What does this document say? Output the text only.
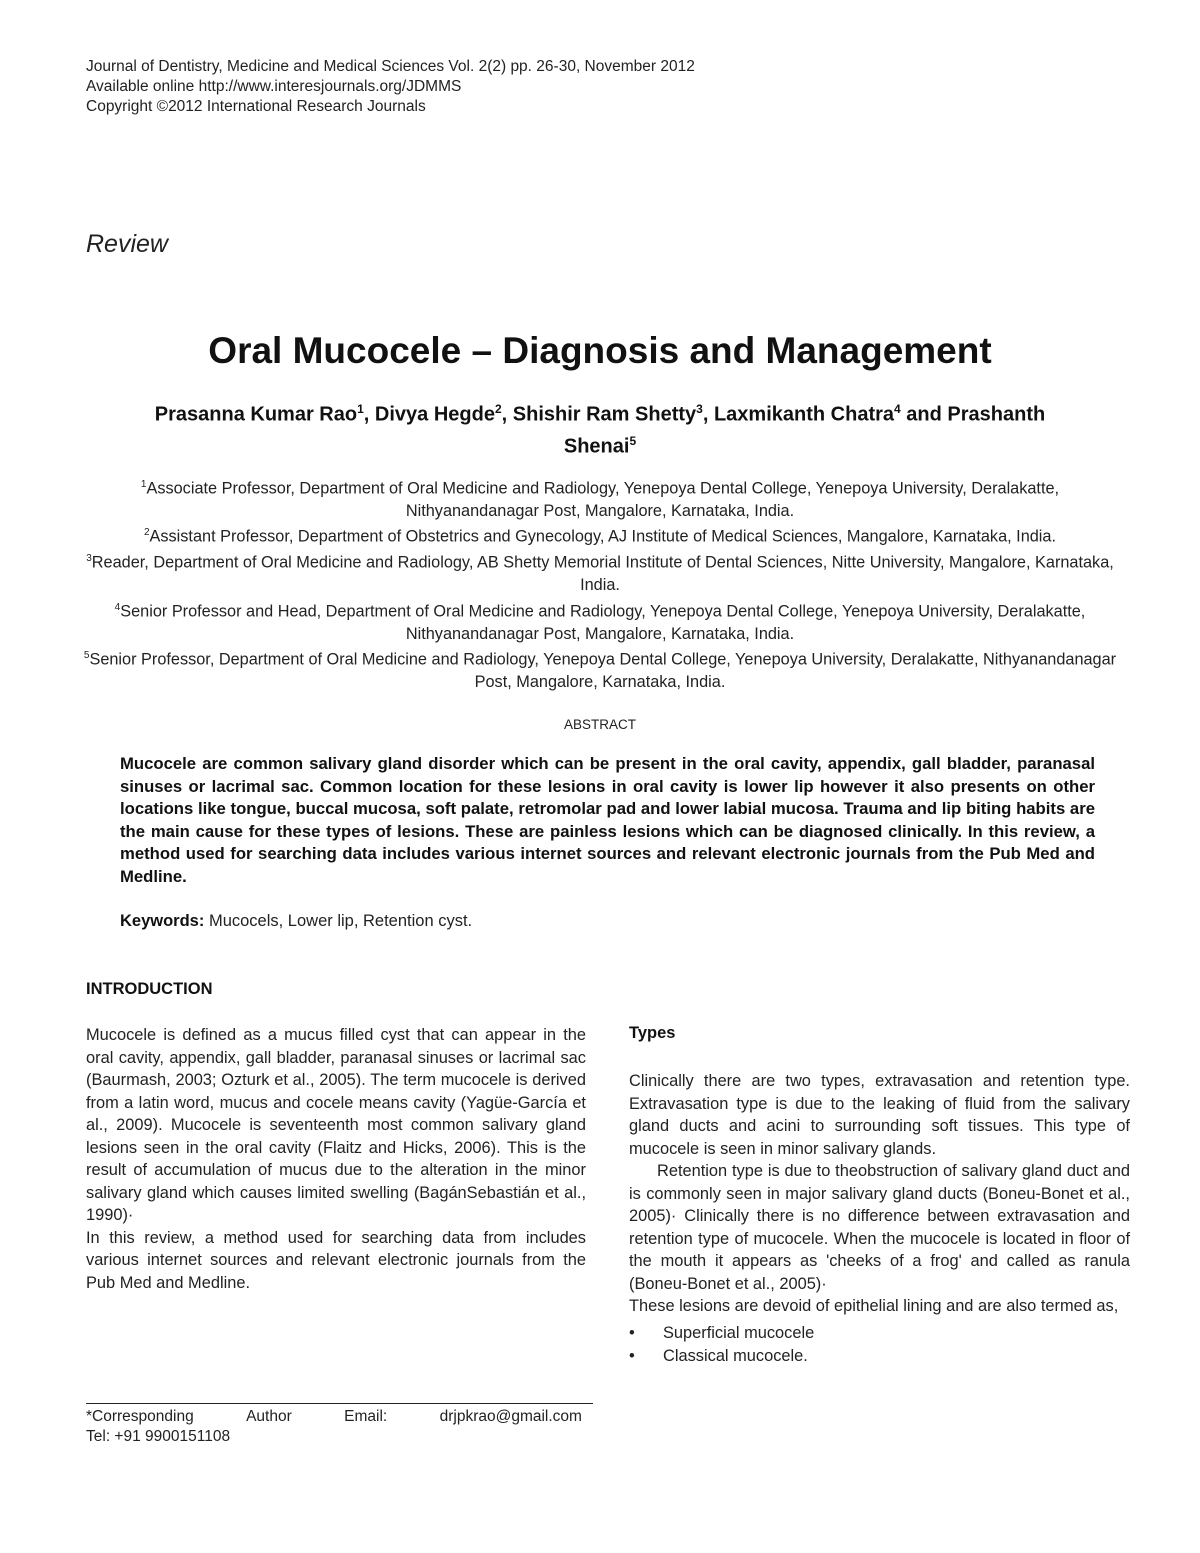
Journal of Dentistry, Medicine and Medical Sciences Vol. 2(2) pp. 26-30, November 2012
Available online http://www.interesjournals.org/JDMMS
Copyright ©2012 International Research Journals
Review
Oral Mucocele – Diagnosis and Management
Prasanna Kumar Rao$^1$, Divya Hegde$^2$, Shishir Ram Shetty$^3$, Laxmikanth Chatra$^4$ and Prashanth Shenai$^5$
$^1$Associate Professor, Department of Oral Medicine and Radiology, Yenepoya Dental College, Yenepoya University, Deralakatte, Nithyanandanagar Post, Mangalore, Karnataka, India.
$^2$Assistant Professor, Department of Obstetrics and Gynecology, AJ Institute of Medical Sciences, Mangalore, Karnataka, India.
$^3$Reader, Department of Oral Medicine and Radiology, AB Shetty Memorial Institute of Dental Sciences, Nitte University, Mangalore, Karnataka, India.
$^4$Senior Professor and Head, Department of Oral Medicine and Radiology, Yenepoya Dental College, Yenepoya University, Deralakatte, Nithyanandanagar Post, Mangalore, Karnataka, India.
$^5$Senior Professor, Department of Oral Medicine and Radiology, Yenepoya Dental College, Yenepoya University, Deralakatte, Nithyanandanagar Post, Mangalore, Karnataka, India.
ABSTRACT
Mucocele are common salivary gland disorder which can be present in the oral cavity, appendix, gall bladder, paranasal sinuses or lacrimal sac. Common location for these lesions in oral cavity is lower lip however it also presents on other locations like tongue, buccal mucosa, soft palate, retromolar pad and lower labial mucosa. Trauma and lip biting habits are the main cause for these types of lesions. These are painless lesions which can be diagnosed clinically. In this review, a method used for searching data includes various internet sources and relevant electronic journals from the Pub Med and Medline.
Keywords: Mucocels, Lower lip, Retention cyst.
INTRODUCTION

Mucocele is defined as a mucus filled cyst that can appear in the oral cavity, appendix, gall bladder, paranasal sinuses or lacrimal sac (Baurmash, 2003; Ozturk et al., 2005). The term mucocele is derived from a latin word, mucus and cocele means cavity (Yagüe-García et al., 2009). Mucocele is seventeenth most common salivary gland lesions seen in the oral cavity (Flaitz and Hicks, 2006). This is the result of accumulation of mucus due to the alteration in the minor salivary gland which causes limited swelling (BagánSebastián et al., 1990)·

In this review, a method used for searching data from includes various internet sources and relevant electronic journals from the Pub Med and Medline.

Types

Clinically there are two types, extravasation and retention type. Extravasation type is due to the leaking of fluid from the salivary gland ducts and acini to surrounding soft tissues. This type of mucocele is seen in minor salivary glands.

Retention type is due to theobstruction of salivary gland duct and is commonly seen in major salivary gland ducts (Boneu-Bonet et al., 2005)· Clinically there is no difference between extravasation and retention type of mucocele. When the mucocele is located in floor of the mouth it appears as 'cheeks of a frog' and called as ranula (Boneu-Bonet et al., 2005)·

These lesions are devoid of epithelial lining and are also termed as,

• Superficial mucocele
• Classical mucocele.
*Corresponding	Author	Email:	drjpkrao@gmail.com
Tel: +91 9900151108
